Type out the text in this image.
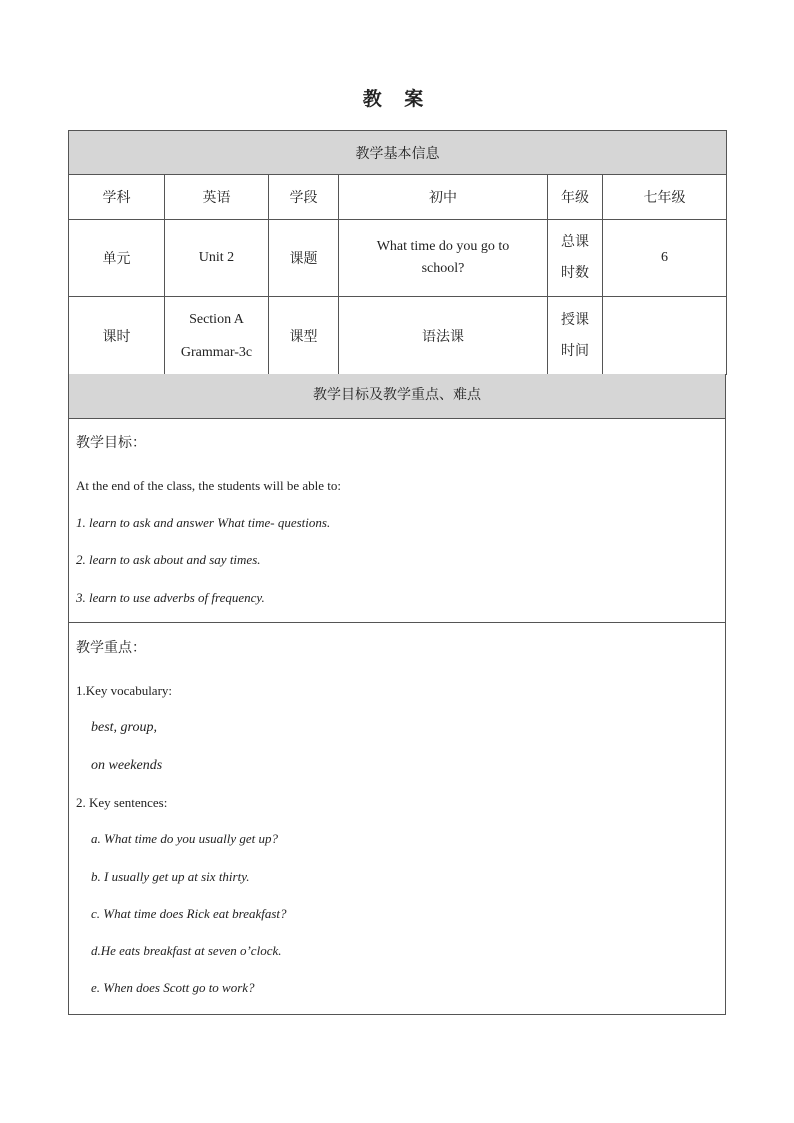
教 案
教学基本信息					
学科	英语	学段	初中	年级	七年级
单元	Unit 2	课题	What time do you go to school?	总课时数	6
课时	Section A Grammar-3c	课型	语法课	授课时间	
教学目标及教学重点、难点
教学目标：
At the end of the class, the students will be able to:
1. learn to ask and answer What time- questions.
2. learn to ask about and say times.
3. learn to use adverbs of frequency.
教学重点：
1.Key vocabulary:
best, group,
on weekends
2. Key sentences:
a. What time do you usually get up?
b. I usually get up at six thirty.
c. What time does Rick eat breakfast?
d.He eats breakfast at seven o’clock.
e. When does Scott go to work?
